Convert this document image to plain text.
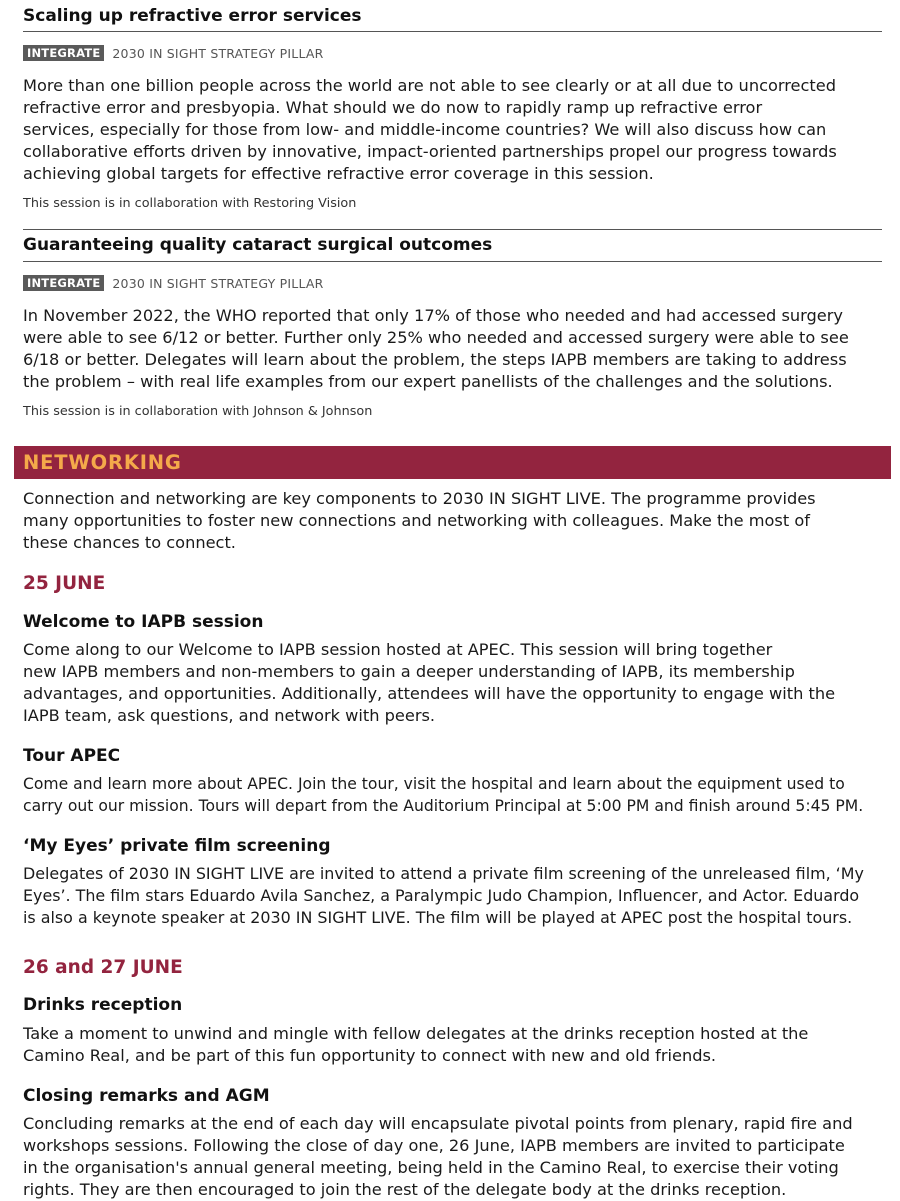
Scaling up refractive error services
INTEGRATE 2030 IN SIGHT STRATEGY PILLAR

More than one billion people across the world are not able to see clearly or at all due to uncorrected

refractive error and presbyopia. What should we do now to rapidly ramp up refractive error

services, especially for those from low- and middle-income countries? We will also discuss how can

collaborative efforts driven by innovative, impact-oriented partnerships propel our progress towards

achieving global targets for effective refractive error coverage in this session.

This session is in collaboration with Restoring Vision

Guaranteeing quality cataract surgical outcomes
INTEGRATE 2030 IN SIGHT STRATEGY PILLAR

In November 2022, the WHO reported that only 17% of those who needed and had accessed surgery

were able to see 6/12 or better. Further only 25% who needed and accessed surgery were able to see

6/18 or better. Delegates will learn about the problem, the steps IAPB members are taking to address

the problem – with real life examples from our expert panellists of the challenges and the solutions.

This session is in collaboration with Johnson & Johnson

Connection and networking are key components to 2030 IN SIGHT LIVE. The programme provides

many opportunities to foster new connections and networking with colleagues. Make the most of

these chances to connect.

25 JUNE
Welcome to IAPB session

Come along to our Welcome to IAPB session hosted at APEC. This session will bring together

new IAPB members and non-members to gain a deeper understanding of IAPB, its membership

advantages, and opportunities. Additionally, attendees will have the opportunity to engage with the

IAPB team, ask questions, and network with peers.

Tour APEC

Come and learn more about APEC. Join the tour, visit the hospital and learn about the equipment used to

carry out our mission. Tours will depart from the Auditorium Principal at 5:00 PM and finish around 5:45 PM.

‘My Eyes’ private film screening

Delegates of 2030 IN SIGHT LIVE are invited to attend a private film screening of the unreleased film, ‘My

Eyes’. The film stars Eduardo Avila Sanchez, a Paralympic Judo Champion, Influencer, and Actor. Eduardo

is also a keynote speaker at 2030 IN SIGHT LIVE. The film will be played at APEC post the hospital tours.

26 and 27 JUNE
Drinks reception

Take a moment to unwind and mingle with fellow delegates at the drinks reception hosted at the

Camino Real, and be part of this fun opportunity to connect with new and old friends.

Closing remarks and AGM

Concluding remarks at the end of each day will encapsulate pivotal points from plenary, rapid fire and

workshops sessions. Following the close of day one, 26 June, IAPB members are invited to participate

in the organisation's annual general meeting, being held in the Camino Real, to exercise their voting

rights. They are then encouraged to join the rest of the delegate body at the drinks reception.

NETWORKING
